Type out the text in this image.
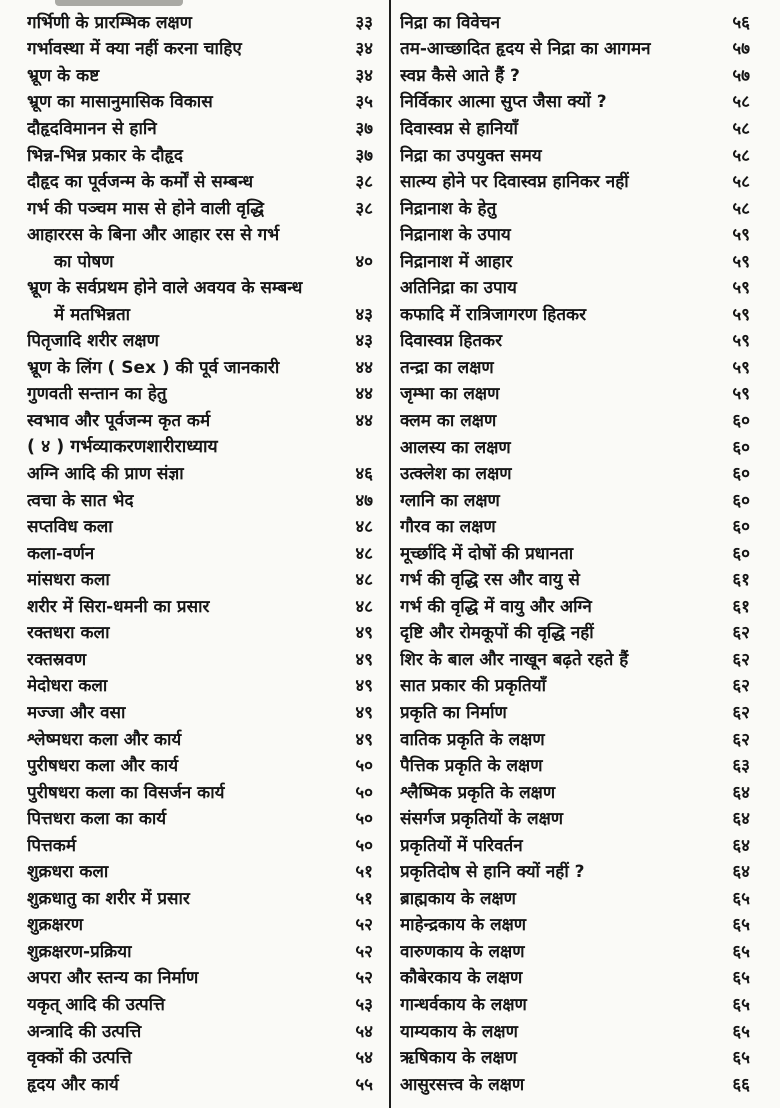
गर्भिणी के प्रारम्भिक लक्षण	३३
गर्भावस्था में क्या नहीं करना चाहिए	३४
भ्रूण के कष्ट	३४
भ्रूण का मासानुमासिक विकास	३५
दौहृदविमानन से हानि	३७
भिन्न-भिन्न प्रकार के दौहृद	३७
दौहृद का पूर्वजन्म के कर्मों से सम्बन्ध	३८
गर्भ की पञ्चम मास से होने वाली वृद्धि	३८
आहाररस के बिना और आहार रस से गर्भ
का पोषण	४०
भ्रूण के सर्वप्रथम होने वाले अवयव के सम्बन्ध
में मतभिन्नता	४३
पितृजादि शरीर लक्षण	४३
भ्रूण के लिंग ( Sex ) की पूर्व जानकारी	४४
गुणवती सन्तान का हेतु	४४
स्वभाव और पूर्वजन्म कृत कर्म	४४
( ४ ) गर्भव्याकरणशारीराध्याय
अग्नि आदि की प्राण संज्ञा	४६
त्वचा के सात भेद	४७
सप्तविध कला	४८
कला-वर्णन	४८
मांसधरा कला	४८
शरीर में सिरा-धमनी का प्रसार	४८
रक्तधरा कला	४९
रक्तस्रवण	४९
मेदोधरा कला	४९
मज्जा और वसा	४९
श्लेष्मधरा कला और कार्य	४९
पुरीषधरा कला और कार्य	५०
पुरीषधरा कला का विसर्जन कार्य	५०
पित्तधरा कला का कार्य	५०
पित्तकर्म	५०
शुक्रधरा कला	५१
शुक्रधातु का शरीर में प्रसार	५१
शुक्रक्षरण	५२
शुक्रक्षरण-प्रक्रिया	५२
अपरा और स्तन्य का निर्माण	५२
यकृत् आदि की उत्पत्ति	५३
अन्त्रादि की उत्पत्ति	५४
वृक्कों की उत्पत्ति	५४
हृदय और कार्य	५५
निद्रा का विवेचन	५६
तम-आच्छादित हृदय से निद्रा का आगमन	५७
स्वप्न कैसे आते हैं ?	५७
निर्विकार आत्मा सुप्त जैसा क्यों ?	५८
दिवास्वप्न से हानियाँ	५८
निद्रा का उपयुक्त समय	५८
सात्म्य होने पर दिवास्वप्न हानिकर नहीं	५८
निद्रानाश के हेतु	५८
निद्रानाश के उपाय	५९
निद्रानाश में आहार	५९
अतिनिद्रा का उपाय	५९
कफादि में रात्रिजागरण हितकर	५९
दिवास्वप्न हितकर	५९
तन्द्रा का लक्षण	५९
जृम्भा का लक्षण	५९
क्लम का लक्षण	६०
आलस्य का लक्षण	६०
उत्क्लेश का लक्षण	६०
ग्लानि का लक्षण	६०
गौरव का लक्षण	६०
मूर्च्छादि में दोषों की प्रधानता	६०
गर्भ की वृद्धि रस और वायु से	६१
गर्भ की वृद्धि में वायु और अग्नि	६१
दृष्टि और रोमकूपों की वृद्धि नहीं	६२
शिर के बाल और नाखून बढ़ते रहते हैं	६२
सात प्रकार की प्रकृतियाँ	६२
प्रकृति का निर्माण	६२
वातिक प्रकृति के लक्षण	६२
पैत्तिक प्रकृति के लक्षण	६३
श्लैष्मिक प्रकृति के लक्षण	६४
संसर्गज प्रकृतियों के लक्षण	६४
प्रकृतियों में परिवर्तन	६४
प्रकृतिदोष से हानि क्यों नहीं ?	६४
ब्राह्मकाय के लक्षण	६५
माहेन्द्रकाय के लक्षण	६५
वारुणकाय के लक्षण	६५
कौबेरकाय के लक्षण	६५
गान्धर्वकाय के लक्षण	६५
याम्यकाय के लक्षण	६५
ऋषिकाय के लक्षण	६५
आसुरसत्त्व के लक्षण	६६
